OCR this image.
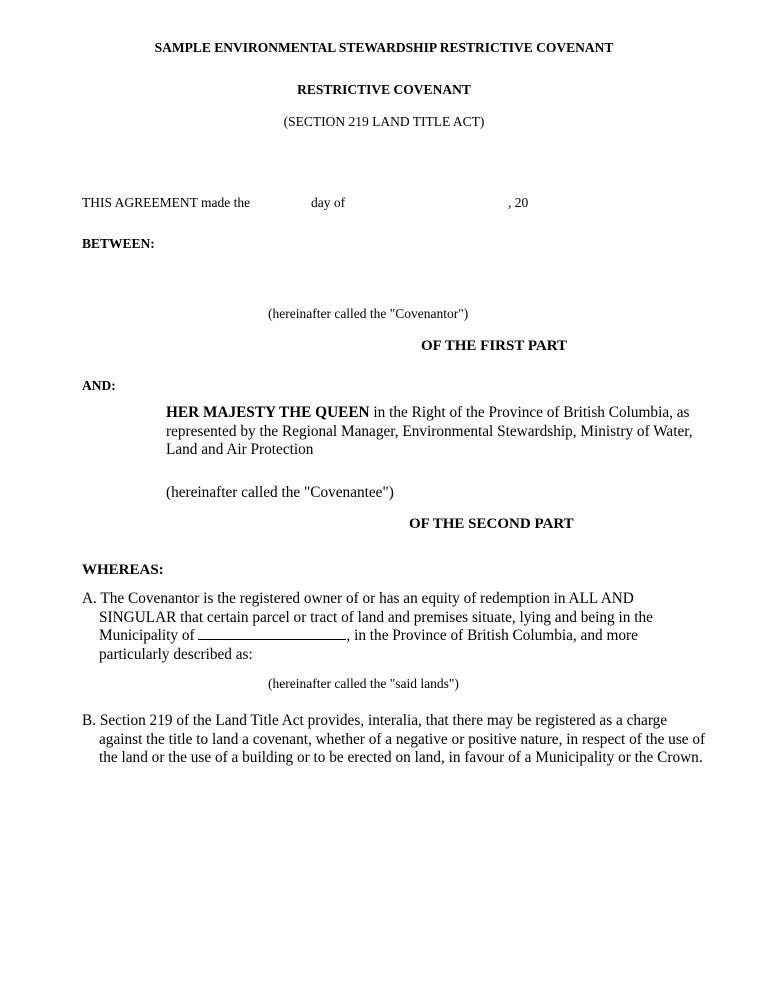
SAMPLE ENVIRONMENTAL STEWARDSHIP RESTRICTIVE COVENANT
RESTRICTIVE COVENANT
(SECTION 219 LAND TITLE ACT)
THIS AGREEMENT made the	day of	, 20
BETWEEN:
(hereinafter called the "Covenantor")
OF THE FIRST PART
AND:
HER MAJESTY THE QUEEN in the Right of the Province of British Columbia, as represented by the Regional Manager, Environmental Stewardship, Ministry of Water, Land and Air Protection
(hereinafter called the "Covenantee")
OF THE SECOND PART
WHEREAS:
A. The Covenantor is the registered owner of or has an equity of redemption in ALL AND SINGULAR that certain parcel or tract of land and premises situate, lying and being in the Municipality of	, in the Province of British Columbia, and more particularly described as:
(hereinafter called the "said lands")
B. Section 219 of the Land Title Act provides, interalia, that there may be registered as a charge against the title to land a covenant, whether of a negative or positive nature, in respect of the use of the land or the use of a building or to be erected on land, in favour of a Municipality or the Crown.
